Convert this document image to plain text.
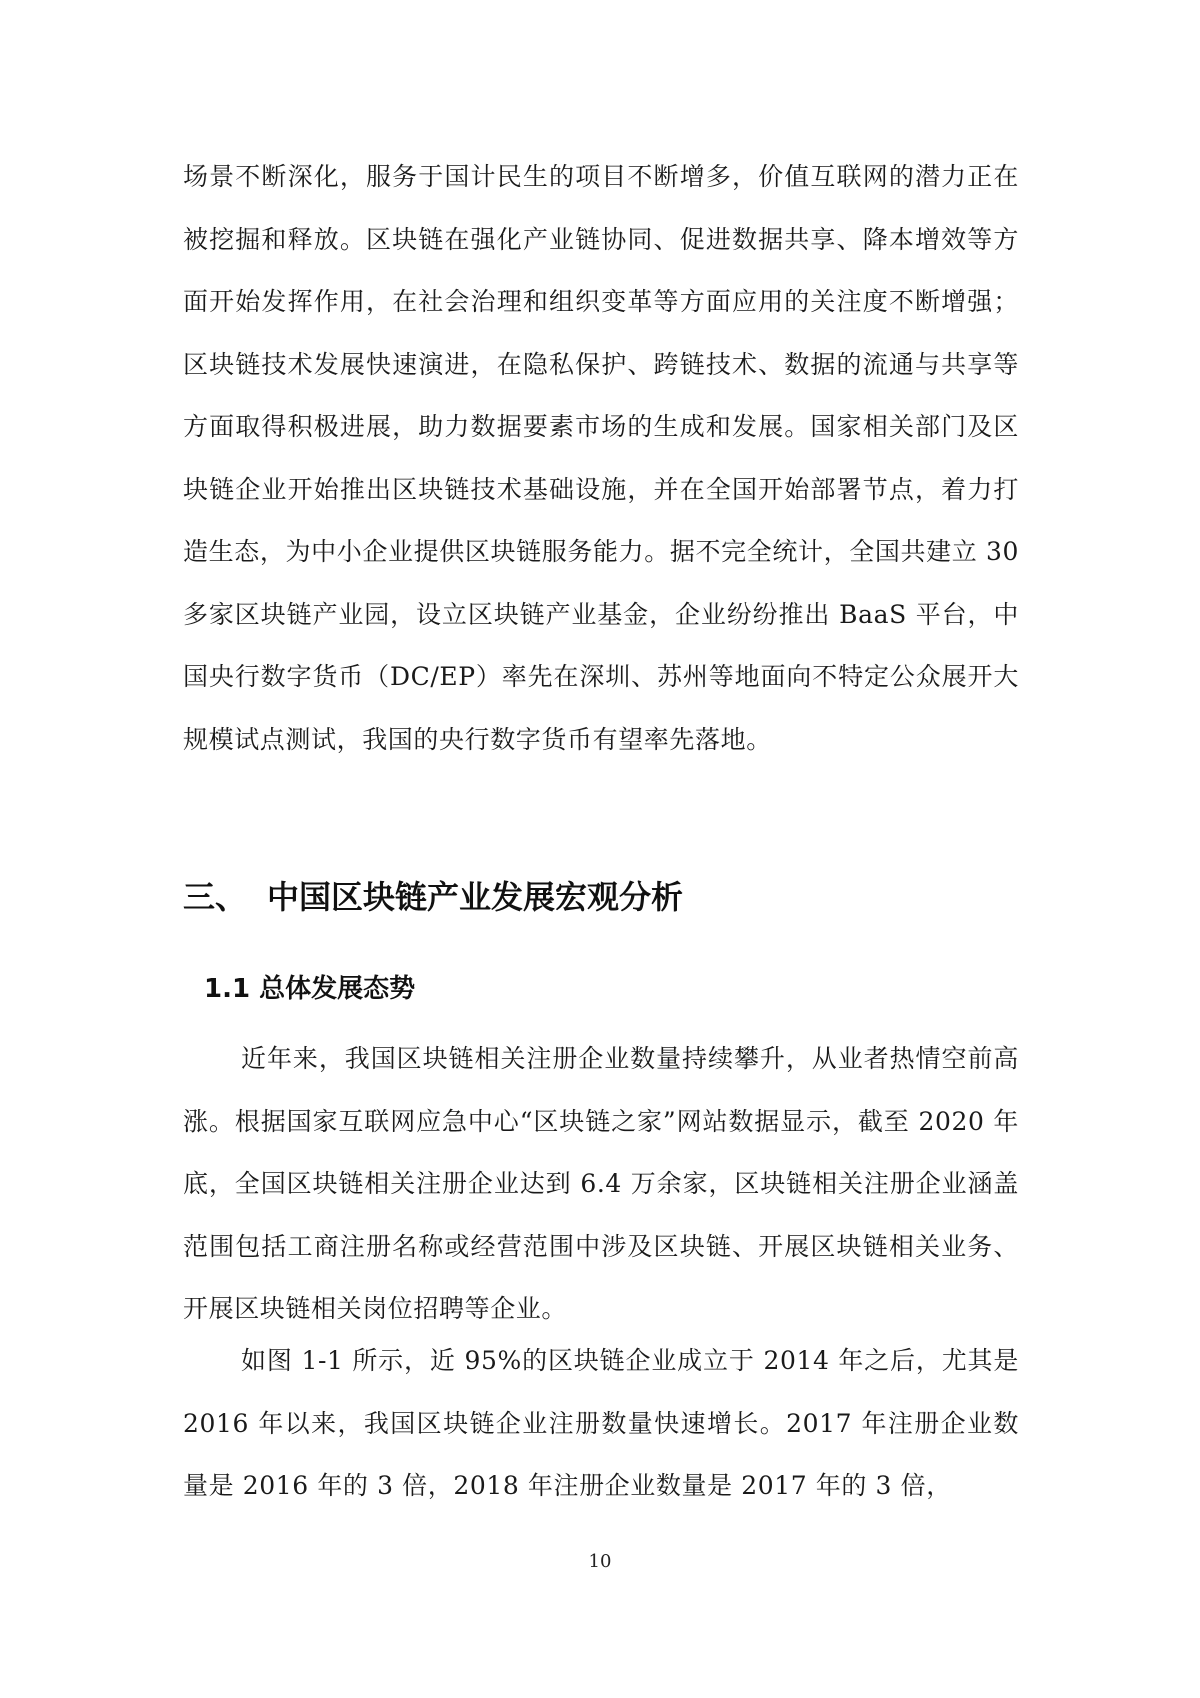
场景不断深化，服务于国计民生的项目不断增多，价值互联网的潜力正在被挖掘和释放。区块链在强化产业链协同、促进数据共享、降本增效等方面开始发挥作用，在社会治理和组织变革等方面应用的关注度不断增强；区块链技术发展快速演进，在隐私保护、跨链技术、数据的流通与共享等方面取得积极进展，助力数据要素市场的生成和发展。国家相关部门及区块链企业开始推出区块链技术基础设施，并在全国开始部署节点，着力打造生态，为中小企业提供区块链服务能力。据不完全统计，全国共建立 30 多家区块链产业园，设立区块链产业基金，企业纷纷推出 BaaS 平台，中国央行数字货币（DC/EP）率先在深圳、苏州等地面向不特定公众展开大规模试点测试，我国的央行数字货币有望率先落地。

三、 中国区块链产业发展宏观分析
1.1 总体发展态势

近年来，我国区块链相关注册企业数量持续攀升，从业者热情空前高涨。根据国家互联网应急中心“区块链之家”网站数据显示，截至 2020 年底，全国区块链相关注册企业达到 6.4 万余家，区块链相关注册企业涵盖范围包括工商注册名称或经营范围中涉及区块链、开展区块链相关业务、开展区块链相关岗位招聘等企业。

如图 1-1 所示，近 95%的区块链企业成立于 2014 年之后，尤其是 2016 年以来，我国区块链企业注册数量快速增长。2017 年注册企业数量是 2016 年的 3 倍，2018 年注册企业数量是 2017 年的 3 倍，

10
